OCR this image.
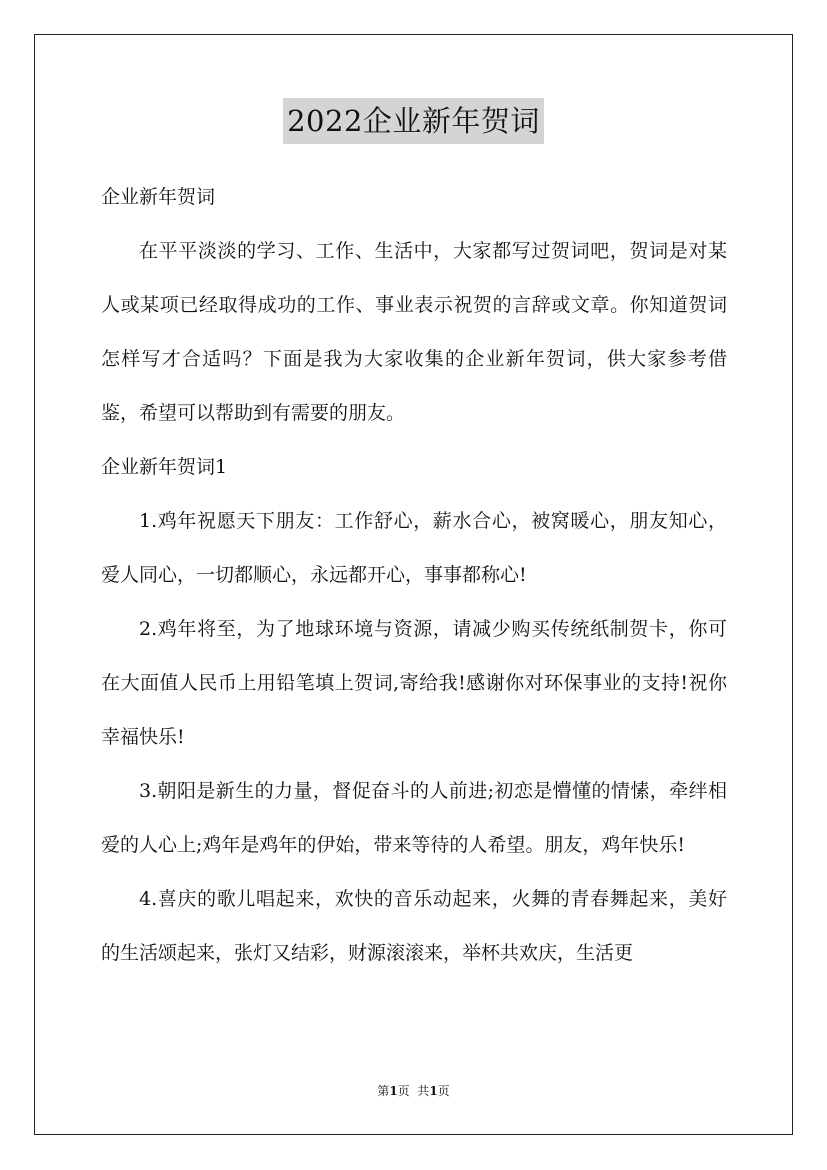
2022企业新年贺词

企业新年贺词

在平平淡淡的学习、工作、生活中，大家都写过贺词吧，贺词是对某人或某项已经取得成功的工作、事业表示祝贺的言辞或文章。你知道贺词怎样写才合适吗？下面是我为大家收集的企业新年贺词，供大家参考借鉴，希望可以帮助到有需要的朋友。

企业新年贺词1

1.鸡年祝愿天下朋友：工作舒心，薪水合心，被窝暖心，朋友知心，爱人同心，一切都顺心，永远都开心，事事都称心!

2.鸡年将至，为了地球环境与资源，请减少购买传统纸制贺卡，你可在大面值人民币上用铅笔填上贺词,寄给我!感谢你对环保事业的支持!祝你幸福快乐!

3.朝阳是新生的力量，督促奋斗的人前进;初恋是懵懂的情愫，牵绊相爱的人心上;鸡年是鸡年的伊始，带来等待的人希望。朋友，鸡年快乐!

4.喜庆的歌儿唱起来，欢快的音乐动起来，火舞的青春舞起来，美好的生活颂起来，张灯又结彩，财源滚滚来，举杯共欢庆，生活更

第1页  共1页
